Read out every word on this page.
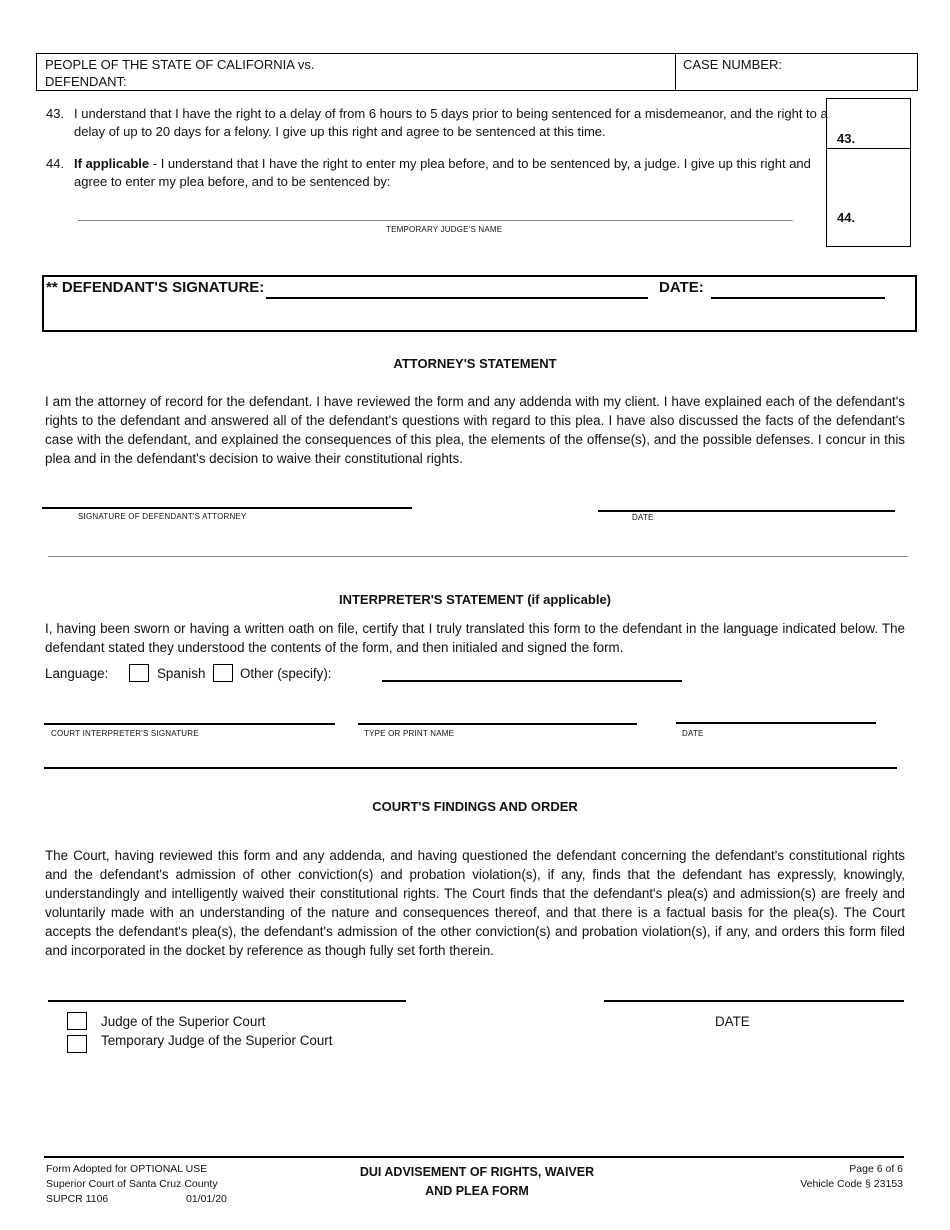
PEOPLE OF THE STATE OF CALIFORNIA vs.
DEFENDANT:
CASE NUMBER:
43. I understand that I have the right to a delay of from 6 hours to 5 days prior to being sentenced for a misdemeanor, and the right to a delay of up to 20 days for a felony. I give up this right and agree to be sentenced at this time.
44. If applicable - I understand that I have the right to enter my plea before, and to be sentenced by, a judge. I give up this right and agree to enter my plea before, and to be sentenced by:
43.
44.
TEMPORARY JUDGE'S NAME
** DEFENDANT'S SIGNATURE:	DATE:
ATTORNEY'S STATEMENT
I am the attorney of record for the defendant. I have reviewed the form and any addenda with my client. I have explained each of the defendant's rights to the defendant and answered all of the defendant's questions with regard to this plea. I have also discussed the facts of the defendant's case with the defendant, and explained the consequences of this plea, the elements of the offense(s), and the possible defenses. I concur in this plea and in the defendant's decision to waive their constitutional rights.
SIGNATURE OF DEFENDANT'S ATTORNEY	DATE
INTERPRETER'S STATEMENT (if applicable)
I, having been sworn or having a written oath on file, certify that I truly translated this form to the defendant in the language indicated below. The defendant stated they understood the contents of the form, and then initialed and signed the form.
Language:	Spanish	Other (specify):
COURT INTERPRETER'S SIGNATURE	TYPE OR PRINT NAME	DATE
COURT'S FINDINGS AND ORDER
The Court, having reviewed this form and any addenda, and having questioned the defendant concerning the defendant's constitutional rights and the defendant's admission of other conviction(s) and probation violation(s), if any, finds that the defendant has expressly, knowingly, understandingly and intelligently waived their constitutional rights. The Court finds that the defendant's plea(s) and admission(s) are freely and voluntarily made with an understanding of the nature and consequences thereof, and that there is a factual basis for the plea(s). The Court accepts the defendant's plea(s), the defendant's admission of the other conviction(s) and probation violation(s), if any, and orders this form filed and incorporated in the docket by reference as though fully set forth therein.
Judge of the Superior Court
Temporary Judge of the Superior Court
DATE
Form Adopted for OPTIONAL USE
Superior Court of Santa Cruz County
SUPCR 1106	01/01/20
DUI ADVISEMENT OF RIGHTS, WAIVER
AND PLEA FORM
Page 6 of 6
Vehicle Code § 23153
